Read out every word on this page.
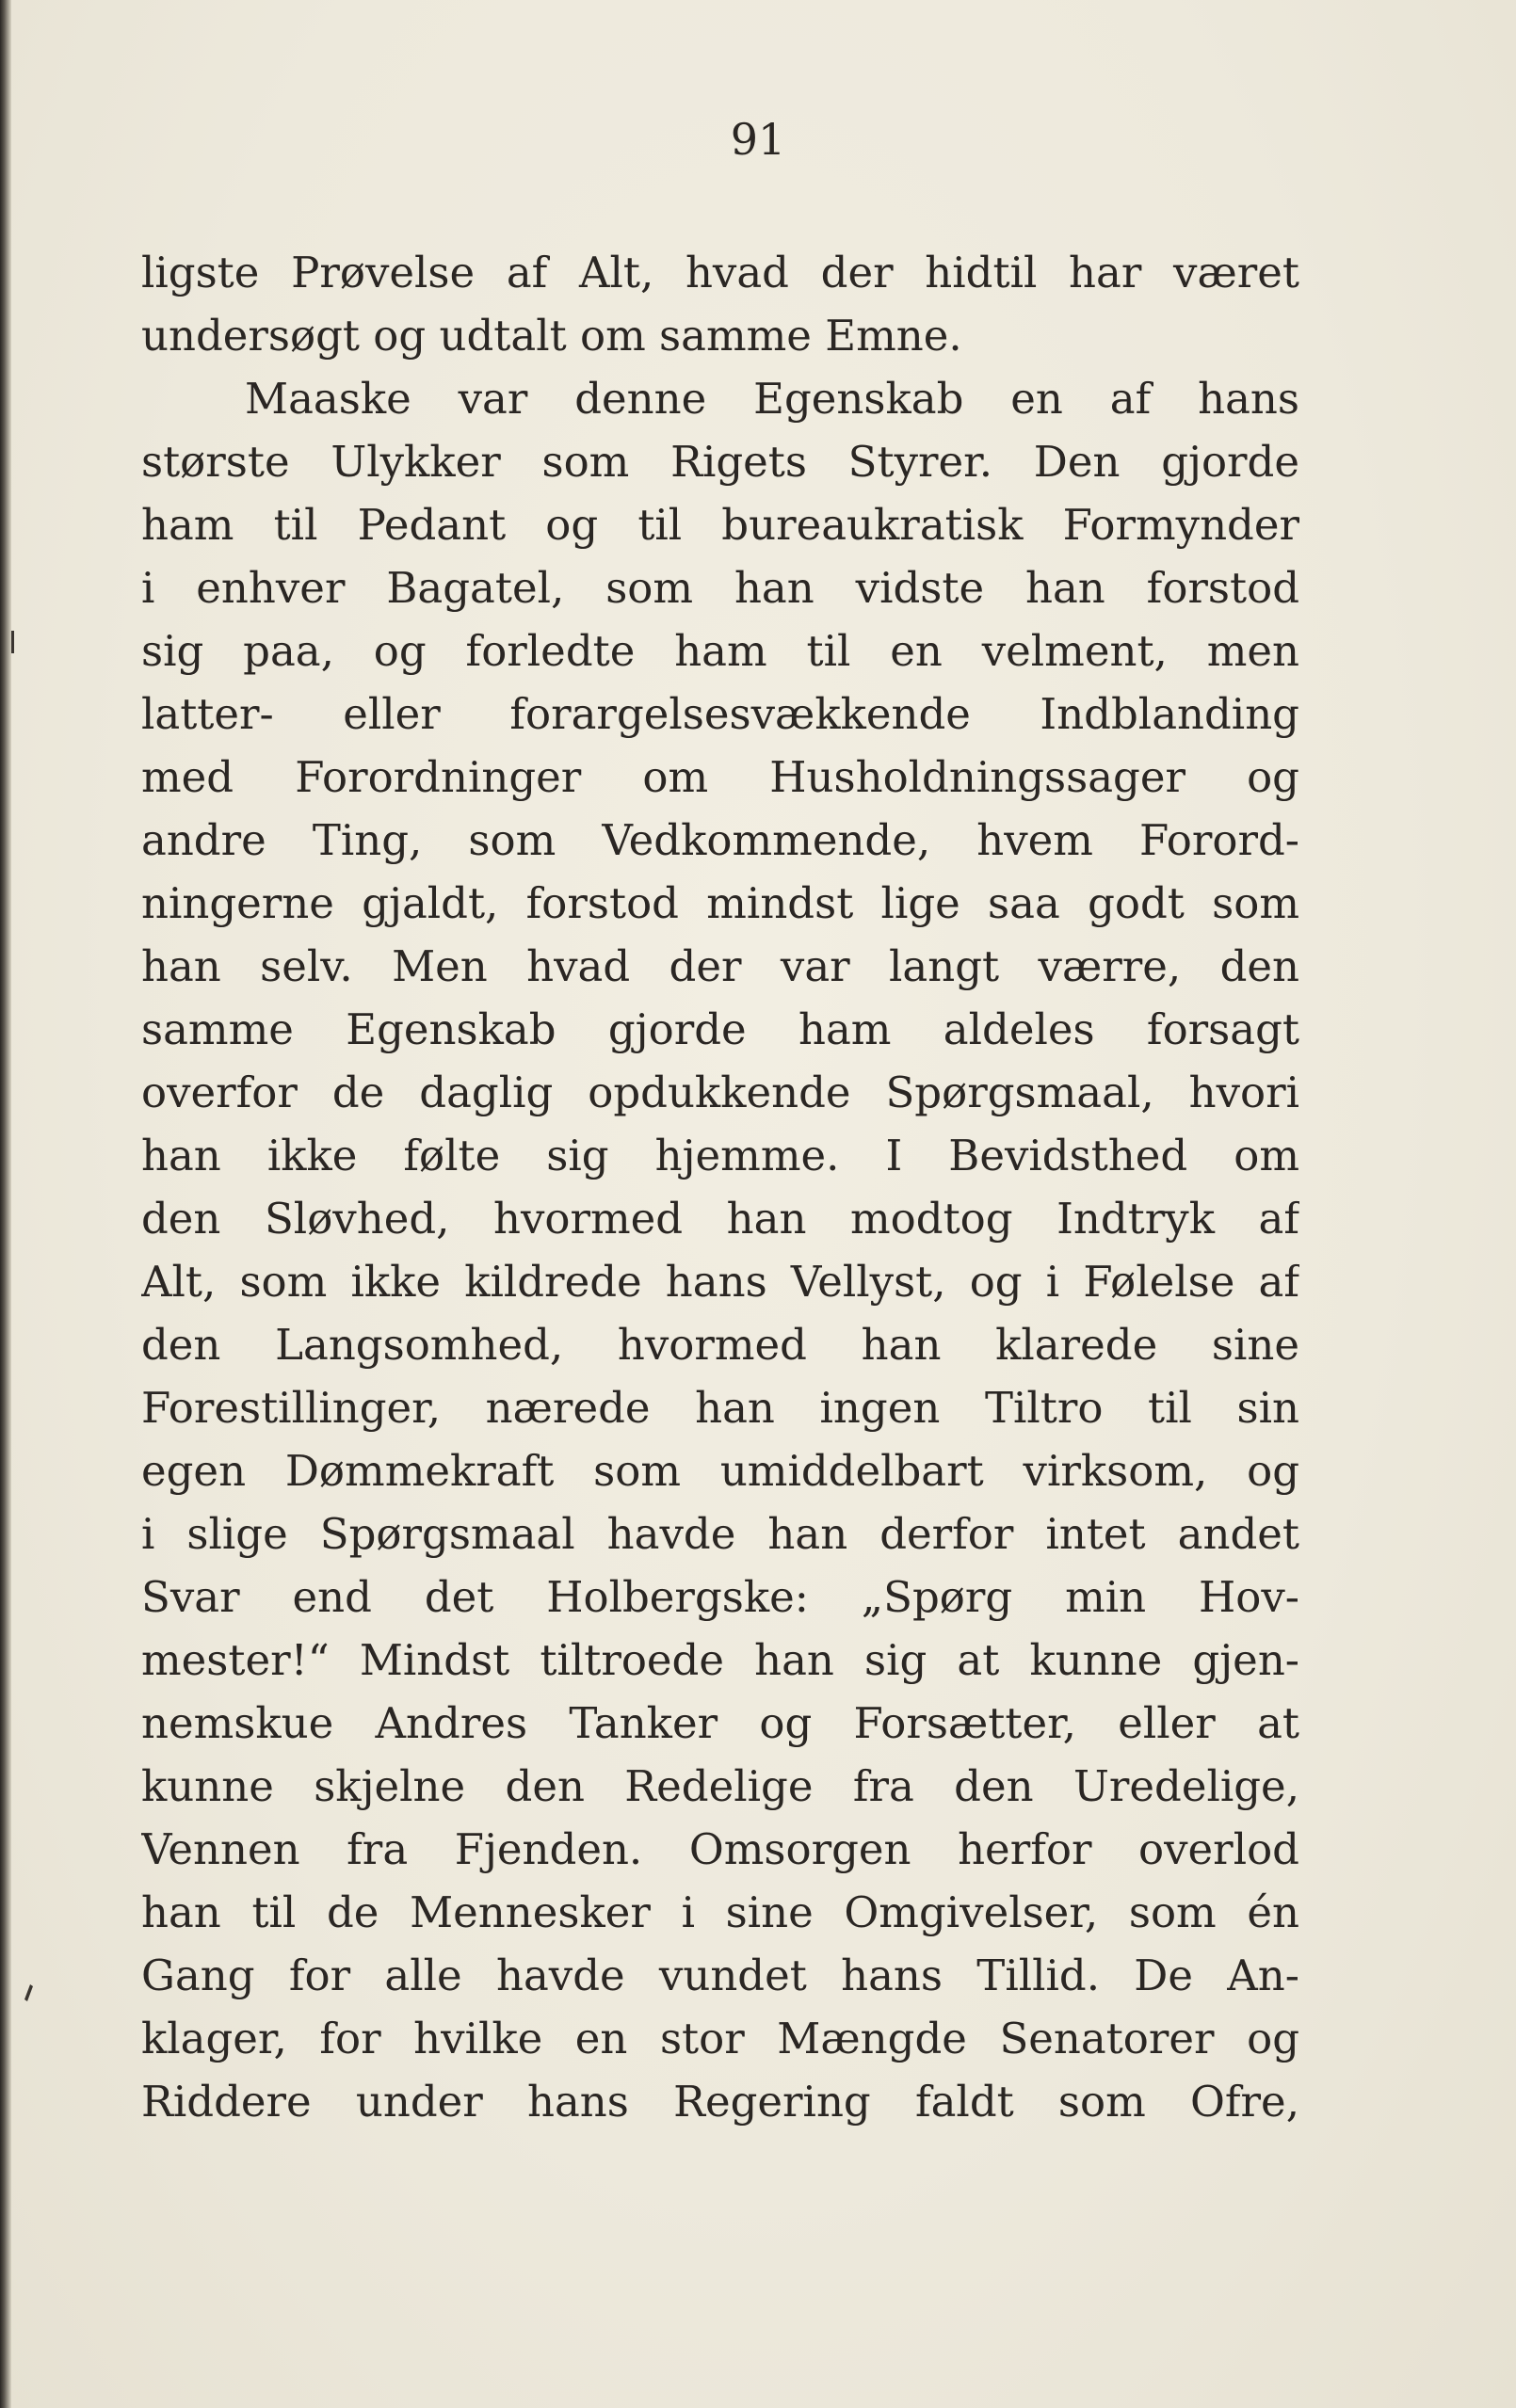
91
ligste Prøvelse af Alt, hvad der hidtil har været
undersøgt og udtalt om samme Emne.
Maaske var denne Egenskab en af hans
største Ulykker som Rigets Styrer. Den gjorde
ham til Pedant og til bureaukratisk Formynder
i enhver Bagatel, som han vidste han forstod
sig paa, og forledte ham til en velment, men
latter- eller forargelsesvækkende Indblanding
med Forordninger om Husholdningssager og
andre Ting, som Vedkommende, hvem Forord-
ningerne gjaldt, forstod mindst lige saa godt som
han selv. Men hvad der var langt værre, den
samme Egenskab gjorde ham aldeles forsagt
overfor de daglig opdukkende Spørgsmaal, hvori
han ikke følte sig hjemme. I Bevidsthed om
den Sløvhed, hvormed han modtog Indtryk af
Alt, som ikke kildrede hans Vellyst, og i Følelse af
den Langsomhed, hvormed han klarede sine
Forestillinger, nærede han ingen Tiltro til sin
egen Dømmekraft som umiddelbart virksom, og
i slige Spørgsmaal havde han derfor intet andet
Svar end det Holbergske: „Spørg min Hov-
mester!“ Mindst tiltroede han sig at kunne gjen-
nemskue Andres Tanker og Forsætter, eller at
kunne skjelne den Redelige fra den Uredelige,
Vennen fra Fjenden. Omsorgen herfor overlod
han til de Mennesker i sine Omgivelser, som én
Gang for alle havde vundet hans Tillid. De An-
klager, for hvilke en stor Mængde Senatorer og
Riddere under hans Regering faldt som Ofre,
